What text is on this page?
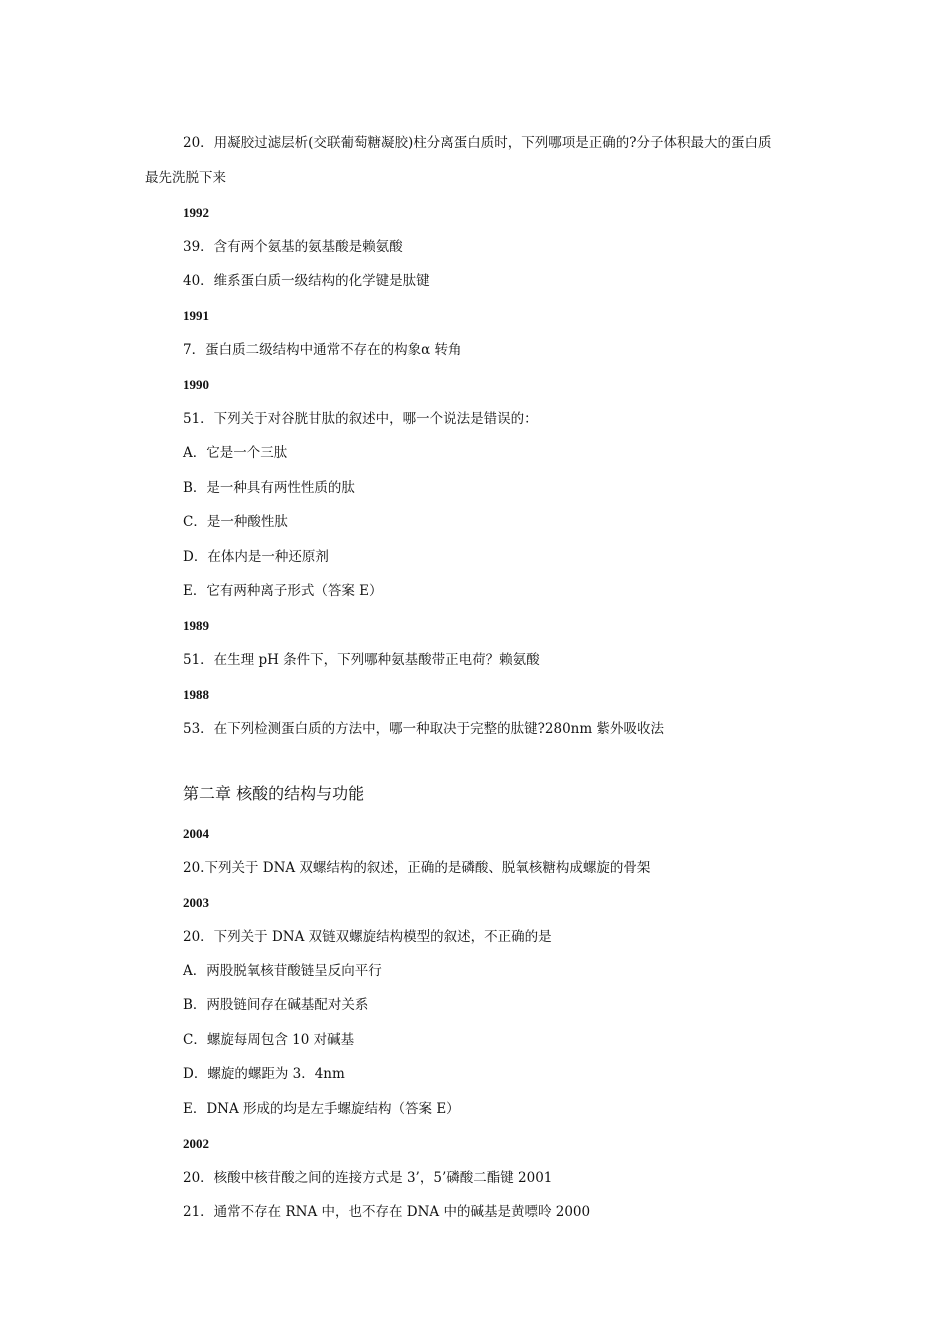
20．用凝胶过滤层析(交联葡萄糖凝胶)柱分离蛋白质时，下列哪项是正确的?分子体积最大的蛋白质
最先洗脱下来
1992
39．含有两个氨基的氨基酸是赖氨酸
40．维系蛋白质一级结构的化学键是肽键
1991
7．蛋白质二级结构中通常不存在的构象α 转角
1990
51．下列关于对谷胱甘肽的叙述中，哪一个说法是错误的：
A．它是一个三肽
B．是一种具有两性性质的肽
C．是一种酸性肽
D．在体内是一种还原剂
E．它有两种离子形式（答案 E）
1989
51．在生理 pH 条件下，下列哪种氨基酸带正电荷？赖氨酸
1988
53．在下列检测蛋白质的方法中，哪一种取决于完整的肽键?280nm 紫外吸收法
第二章 核酸的结构与功能
2004
20.下列关于 DNA 双螺结构的叙述，正确的是磷酸、脱氧核糖构成螺旋的骨架
2003
20．下列关于 DNA 双链双螺旋结构模型的叙述，不正确的是
A．两股脱氧核苷酸链呈反向平行
B．两股链间存在碱基配对关系
C．螺旋每周包含 10 对碱基
D．螺旋的螺距为 3．4nm
E．DNA 形成的均是左手螺旋结构（答案 E）
2002
20．核酸中核苷酸之间的连接方式是 3’，5’磷酸二酯键 2001
21．通常不存在 RNA 中，也不存在 DNA 中的碱基是黄嘌呤 2000
